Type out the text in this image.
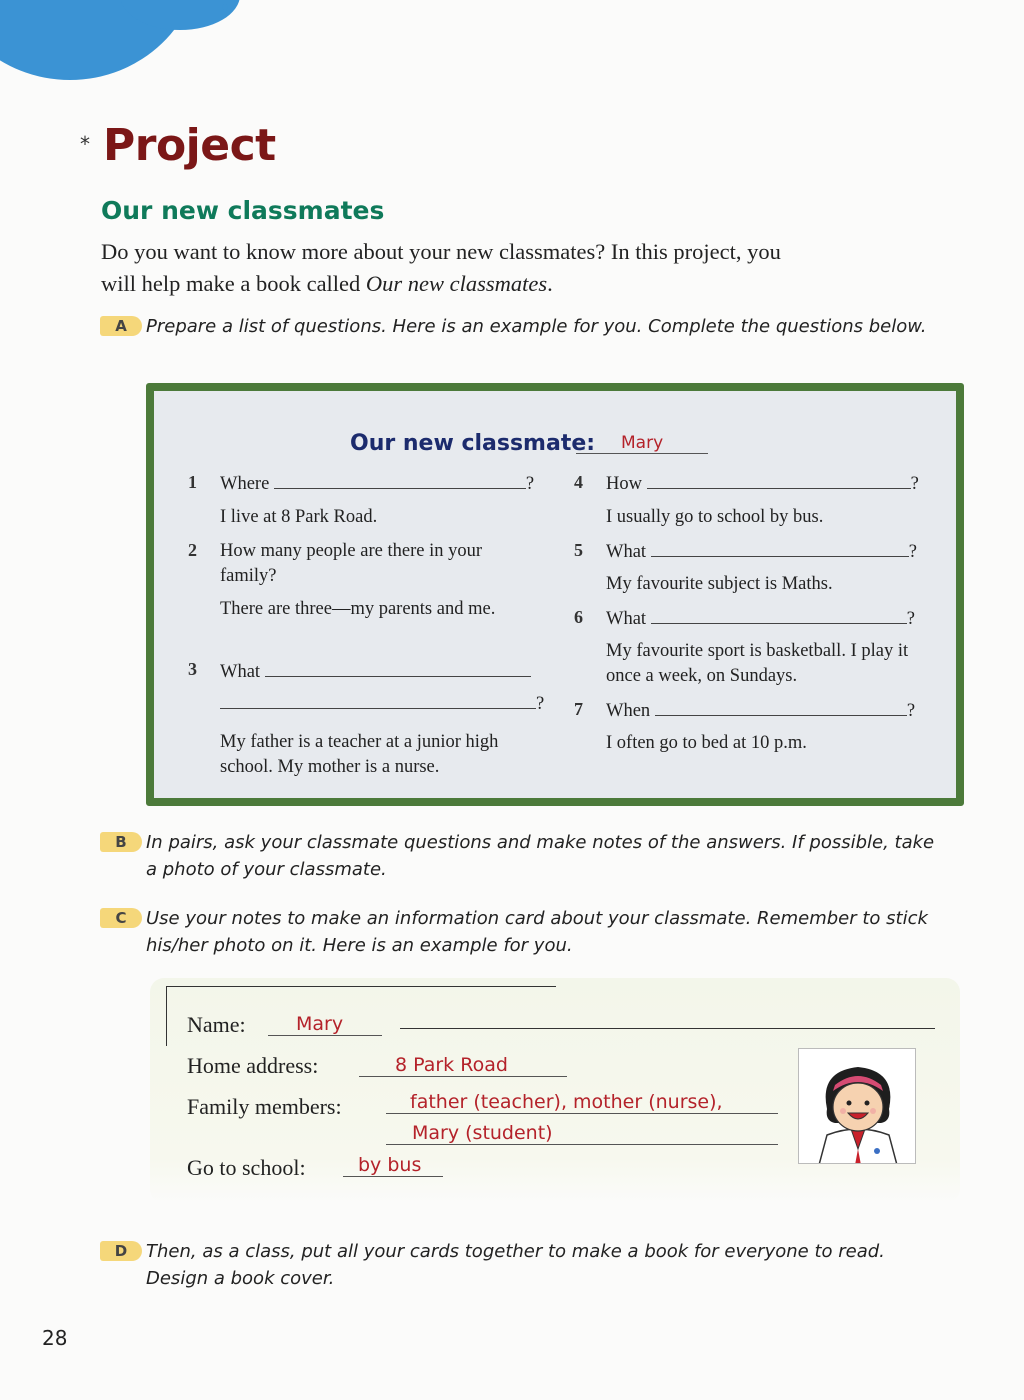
* Project
Our new classmates
Do you want to know more about your new classmates? In this project, you
will help make a book called Our new classmates.
A	Prepare a list of questions. Here is an example for you. Complete the questions below.
Our new classmate:	Mary
1 Where	?
I live at 8 Park Road.
2 How many people are there in your family?
There are three—my parents and me.
3 What
?
My father is a teacher at a junior high school. My mother is a nurse.
4 How	?
I usually go to school by bus.
5 What	?
My favourite subject is Maths.
6 What	?
My favourite sport is basketball. I play it once a week, on Sundays.
7 When	?
I often go to bed at 10 p.m.
B	In pairs, ask your classmate questions and make notes of the answers. If possible, take a photo of your classmate.
C	Use your notes to make an information card about your classmate. Remember to stick his/her photo on it. Here is an example for you.
Name:	Mary
Home address:	8 Park Road
Family members:	father (teacher), mother (nurse),
Mary (student)
Go to school:	by bus
D	Then, as a class, put all your cards together to make a book for everyone to read. Design a book cover.
28
